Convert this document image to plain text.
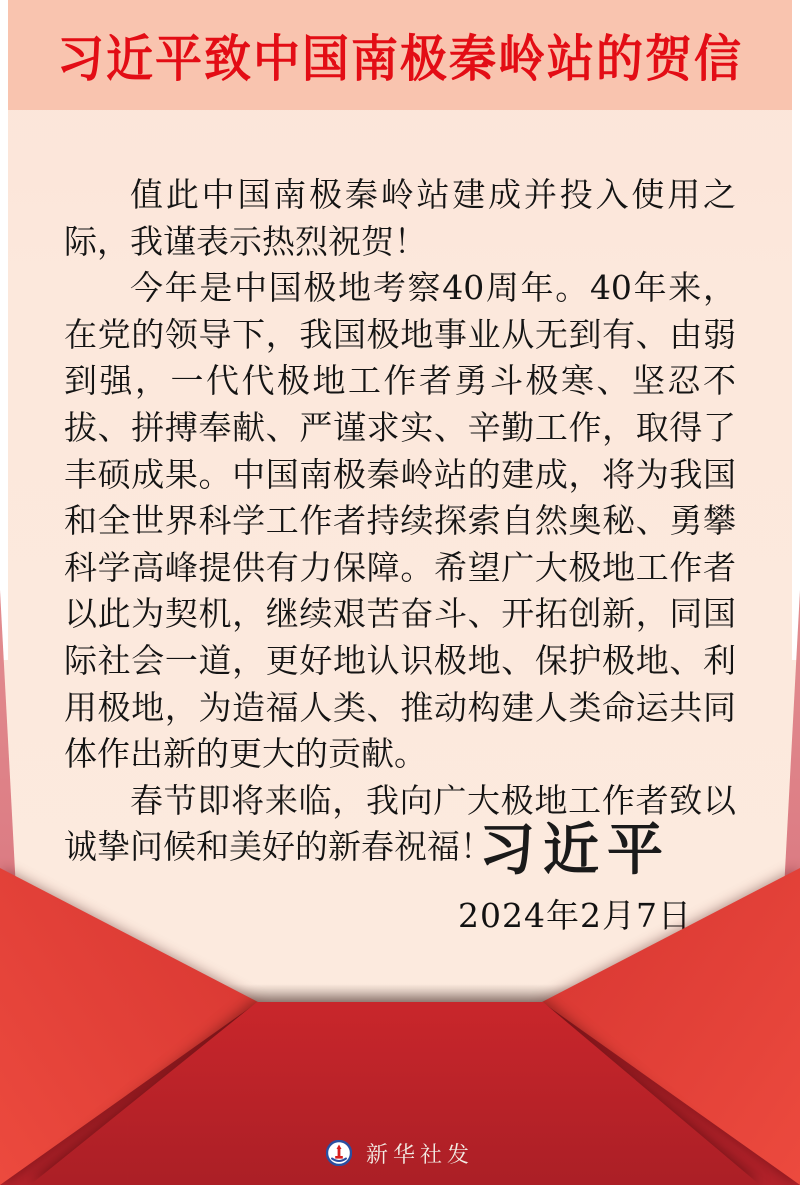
习近平致中国南极秦岭站的贺信

值此中国南极秦岭站建成并投入使用之际，我谨表示热烈祝贺！

今年是中国极地考察40周年。40年来，在党的领导下，我国极地事业从无到有、由弱到强，一代代极地工作者勇斗极寒、坚忍不拔、拼搏奉献、严谨求实、辛勤工作，取得了丰硕成果。中国南极秦岭站的建成，将为我国和全世界科学工作者持续探索自然奥秘、勇攀科学高峰提供有力保障。希望广大极地工作者以此为契机，继续艰苦奋斗、开拓创新，同国际社会一道，更好地认识极地、保护极地、利用极地，为造福人类、推动构建人类命运共同体作出新的更大的贡献。

春节即将来临，我向广大极地工作者致以诚挚问候和美好的新春祝福！

习近平
2024年2月7日
新华社发
